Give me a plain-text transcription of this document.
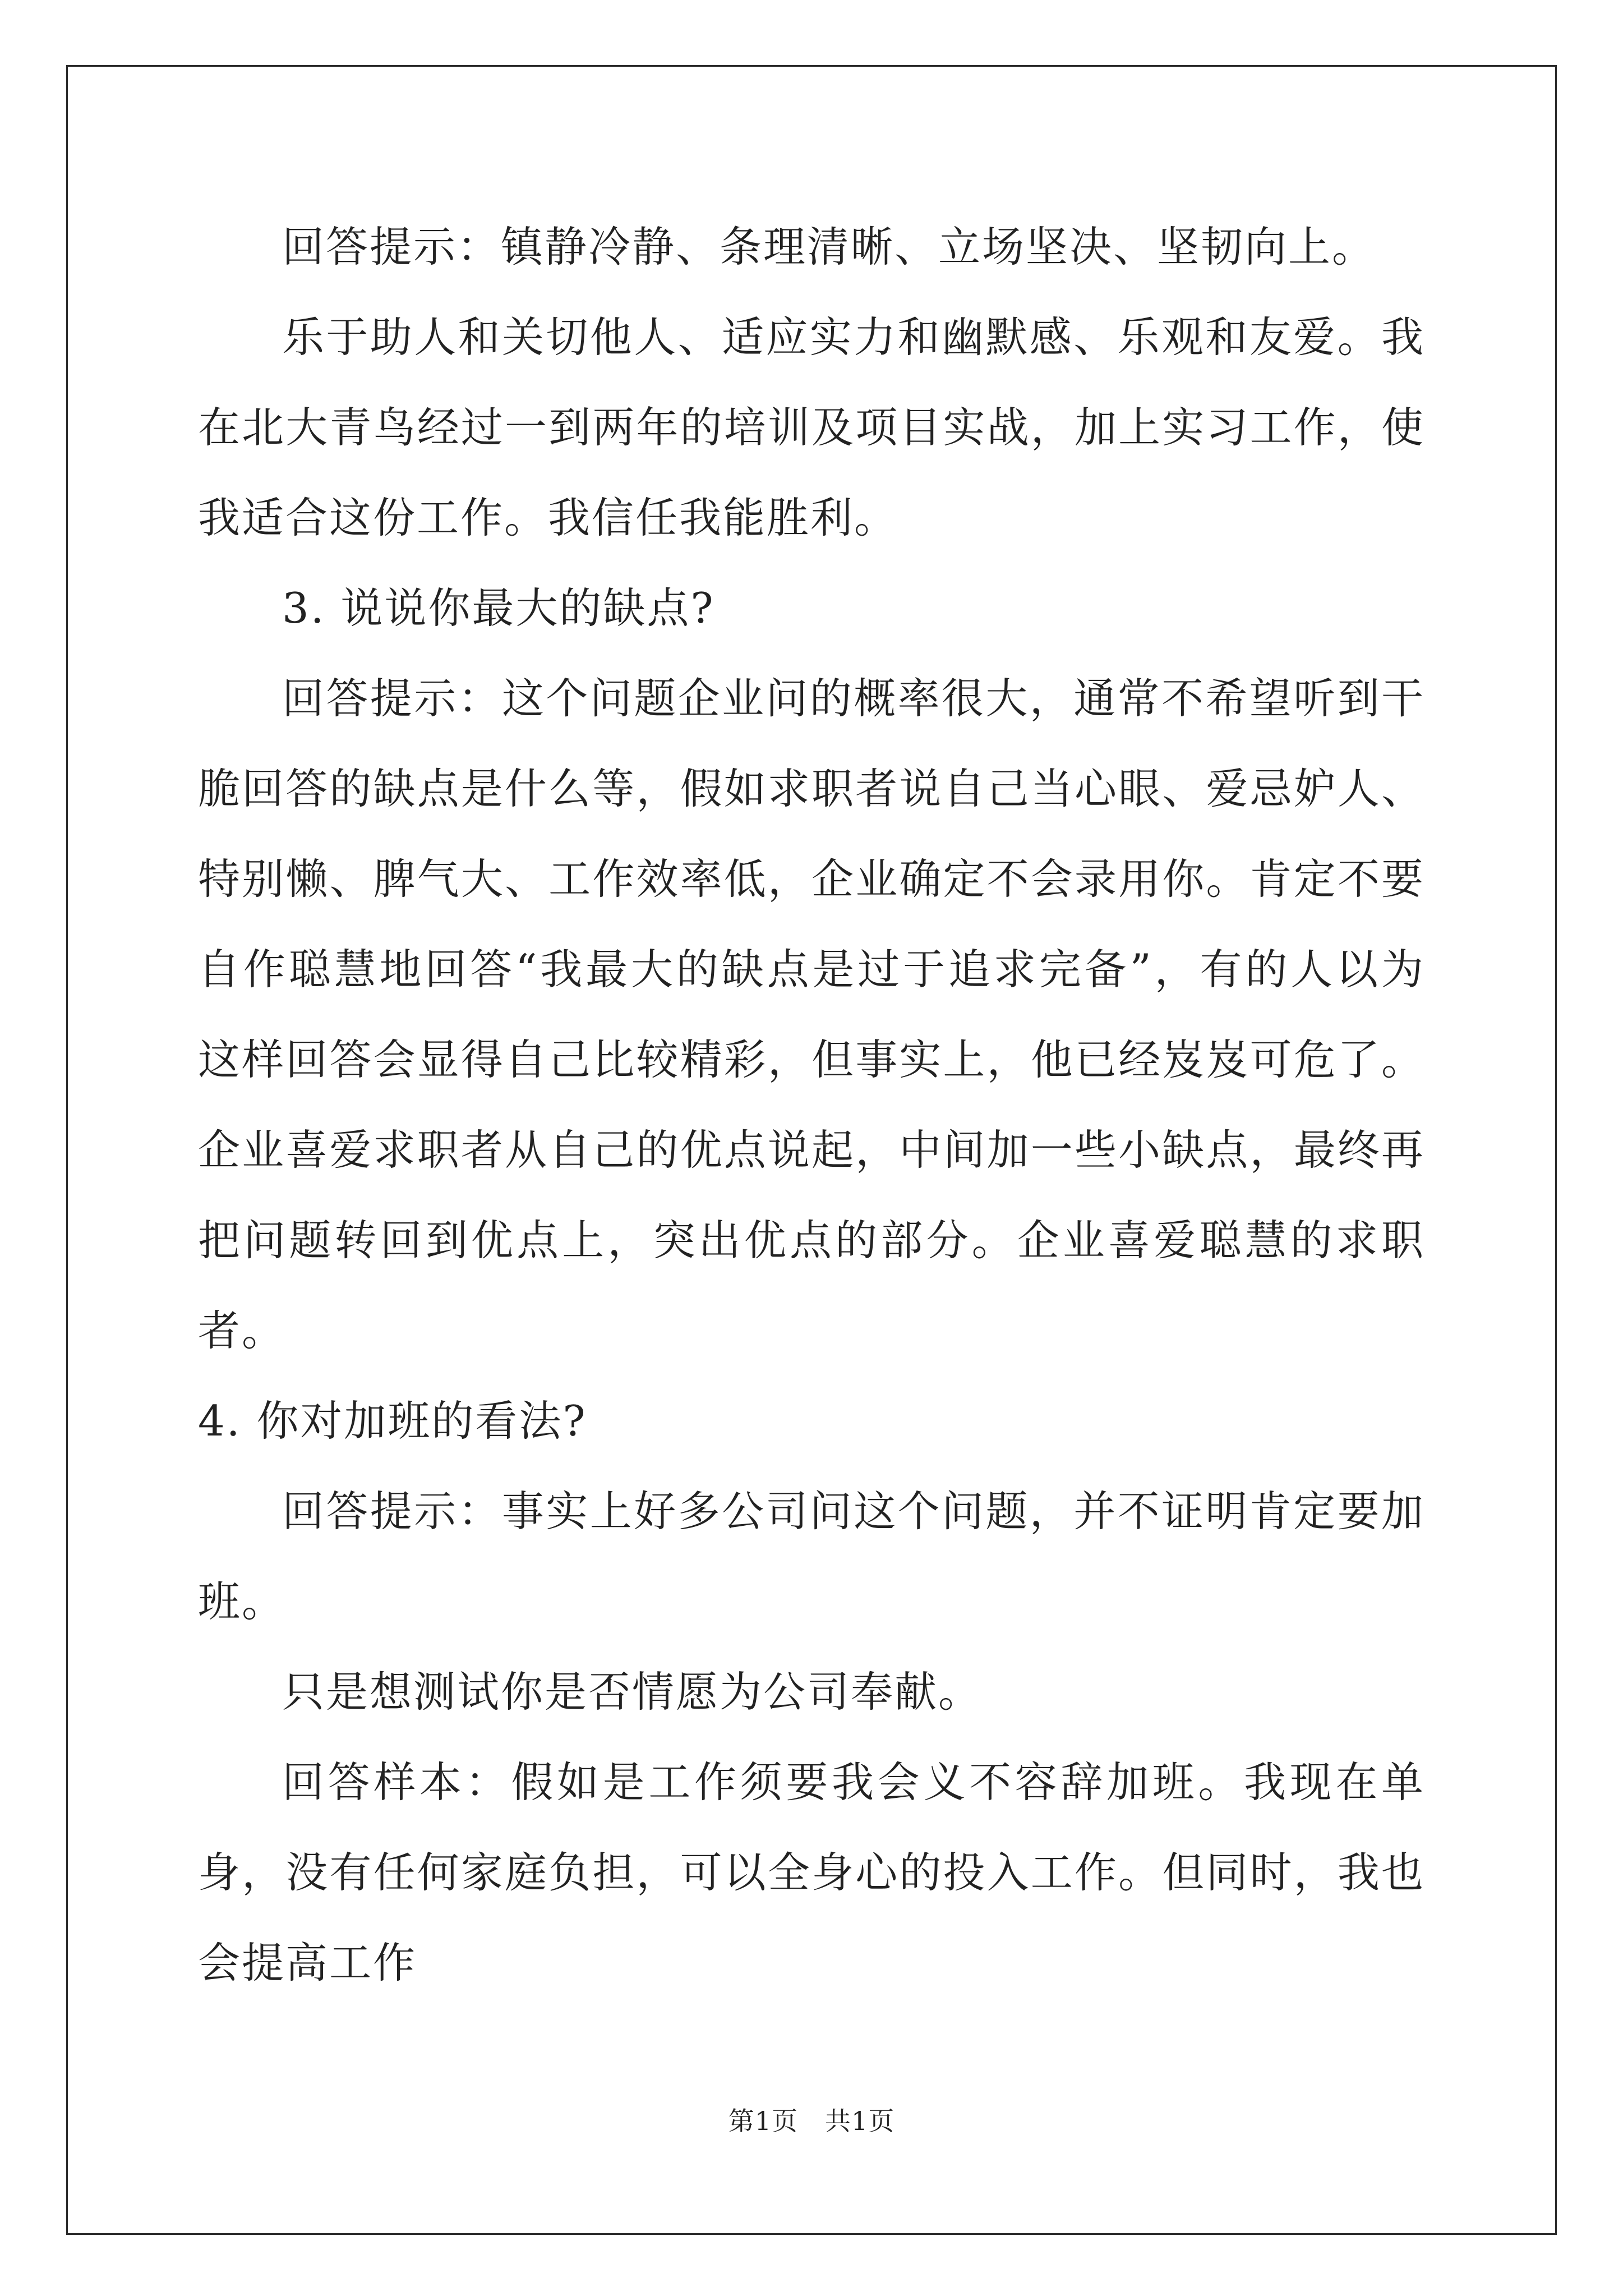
回答提示：镇静冷静、条理清晰、立场坚决、坚韧向上。

乐于助人和关切他人、适应实力和幽默感、乐观和友爱。我在北大青鸟经过一到两年的培训及项目实战，加上实习工作，使我适合这份工作。我信任我能胜利。

3. 说说你最大的缺点?

回答提示：这个问题企业问的概率很大，通常不希望听到干脆回答的缺点是什么等，假如求职者说自己当心眼、爱忌妒人、特别懒、脾气大、工作效率低，企业确定不会录用你。肯定不要自作聪慧地回答“我最大的缺点是过于追求完备”，有的人以为这样回答会显得自己比较精彩，但事实上，他已经岌岌可危了。企业喜爱求职者从自己的优点说起，中间加一些小缺点，最终再把问题转回到优点上，突出优点的部分。企业喜爱聪慧的求职者。

4. 你对加班的看法?

回答提示：事实上好多公司问这个问题，并不证明肯定要加班。

只是想测试你是否情愿为公司奉献。

回答样本：假如是工作须要我会义不容辞加班。我现在单身，没有任何家庭负担，可以全身心的投入工作。但同时，我也会提高工作

第1页 共1页
